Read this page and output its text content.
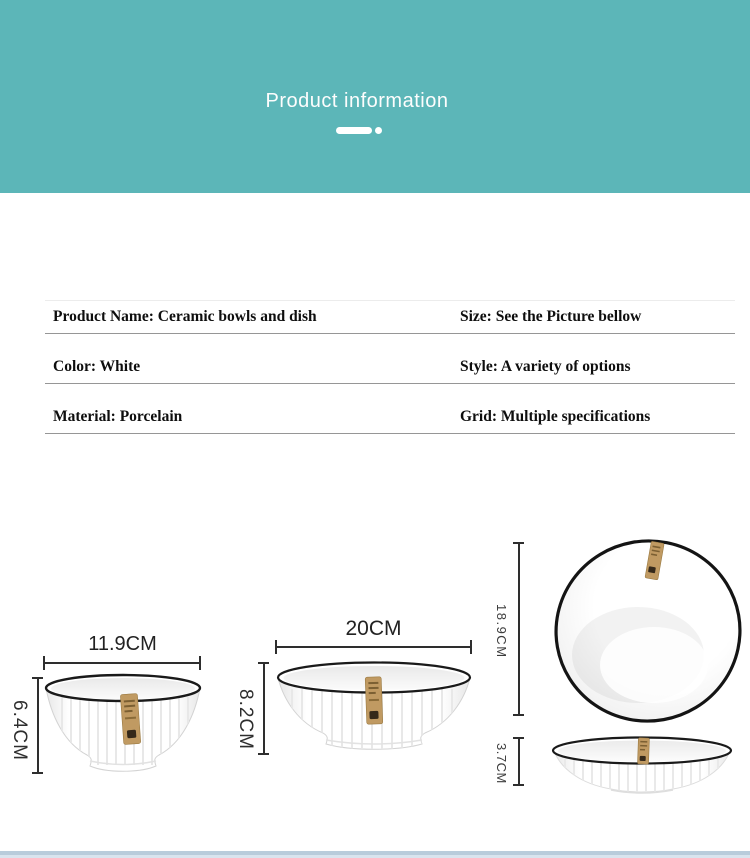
Product information
Product Name: Ceramic bowls and dish	Size: See the Picture bellow
Color: White	Style: A variety of options
Material: Porcelain	Grid: Multiple specifications
11.9CM
6.4CM
20CM
8.2CM
18.9CM
3.7CM
